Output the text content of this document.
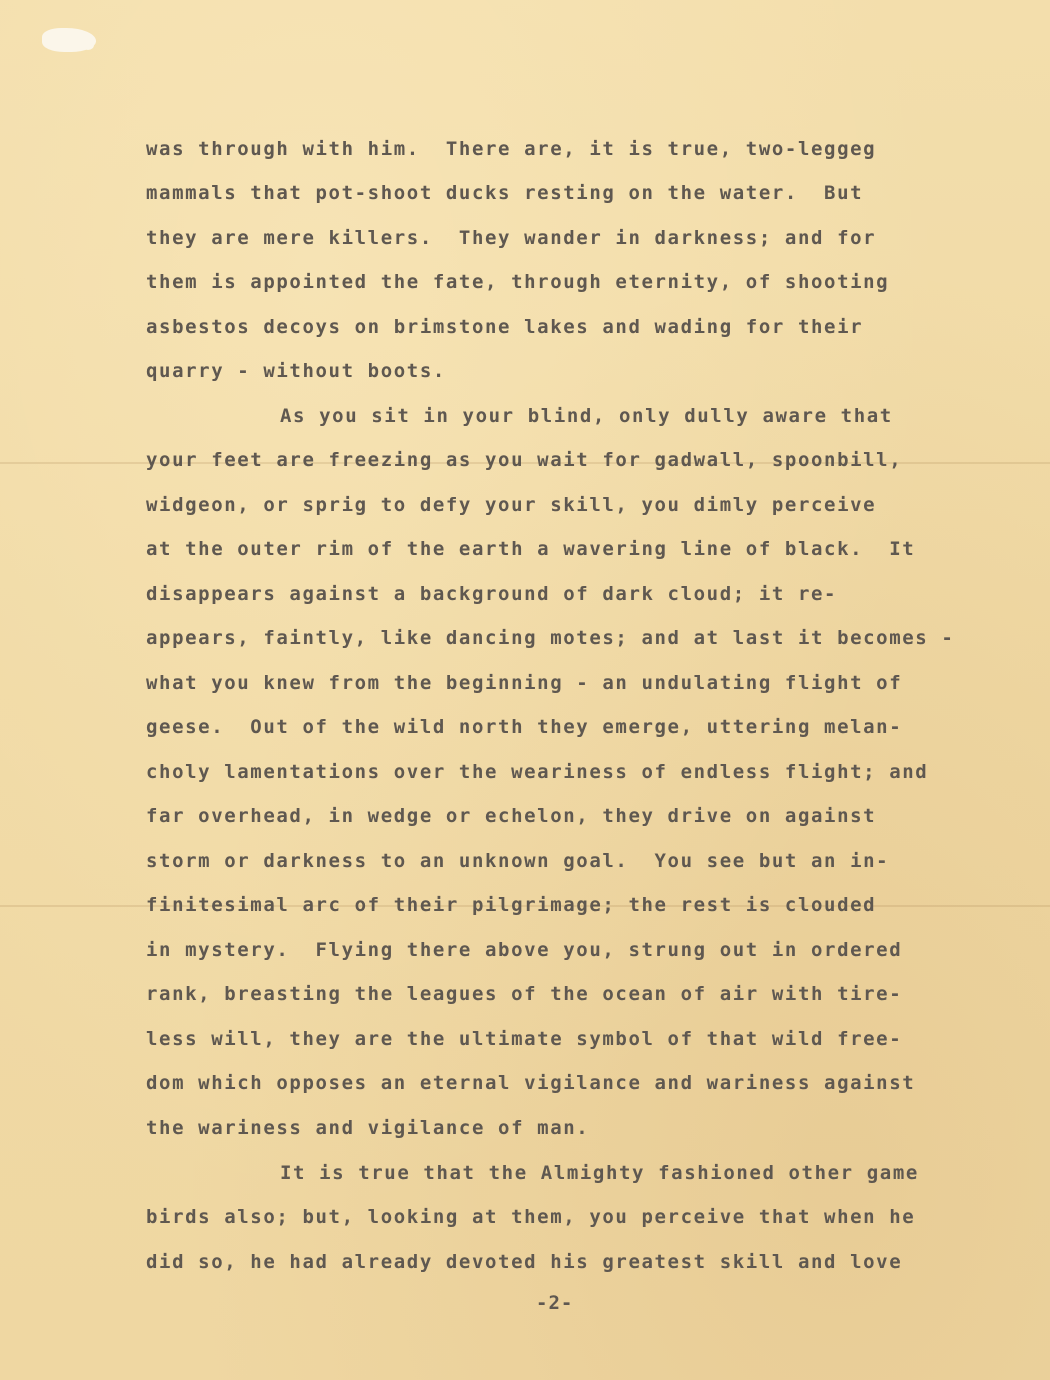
was through with him.  There are, it is true, two-leggeg
mammals that pot-shoot ducks resting on the water.  But
they are mere killers.  They wander in darkness; and for
them is appointed the fate, through eternity, of shooting
asbestos decoys on brimstone lakes and wading for their
quarry - without boots.
As you sit in your blind, only dully aware that
your feet are freezing as you wait for gadwall, spoonbill,
widgeon, or sprig to defy your skill, you dimly perceive
at the outer rim of the earth a wavering line of black.  It
disappears against a background of dark cloud; it re-
appears, faintly, like dancing motes; and at last it becomes -
what you knew from the beginning - an undulating flight of
geese.  Out of the wild north they emerge, uttering melan-
choly lamentations over the weariness of endless flight; and
far overhead, in wedge or echelon, they drive on against
storm or darkness to an unknown goal.  You see but an in-
finitesimal arc of their pilgrimage; the rest is clouded
in mystery.  Flying there above you, strung out in ordered
rank, breasting the leagues of the ocean of air with tire-
less will, they are the ultimate symbol of that wild free-
dom which opposes an eternal vigilance and wariness against
the wariness and vigilance of man.
It is true that the Almighty fashioned other game
birds also; but, looking at them, you perceive that when he
did so, he had already devoted his greatest skill and love
-2-
